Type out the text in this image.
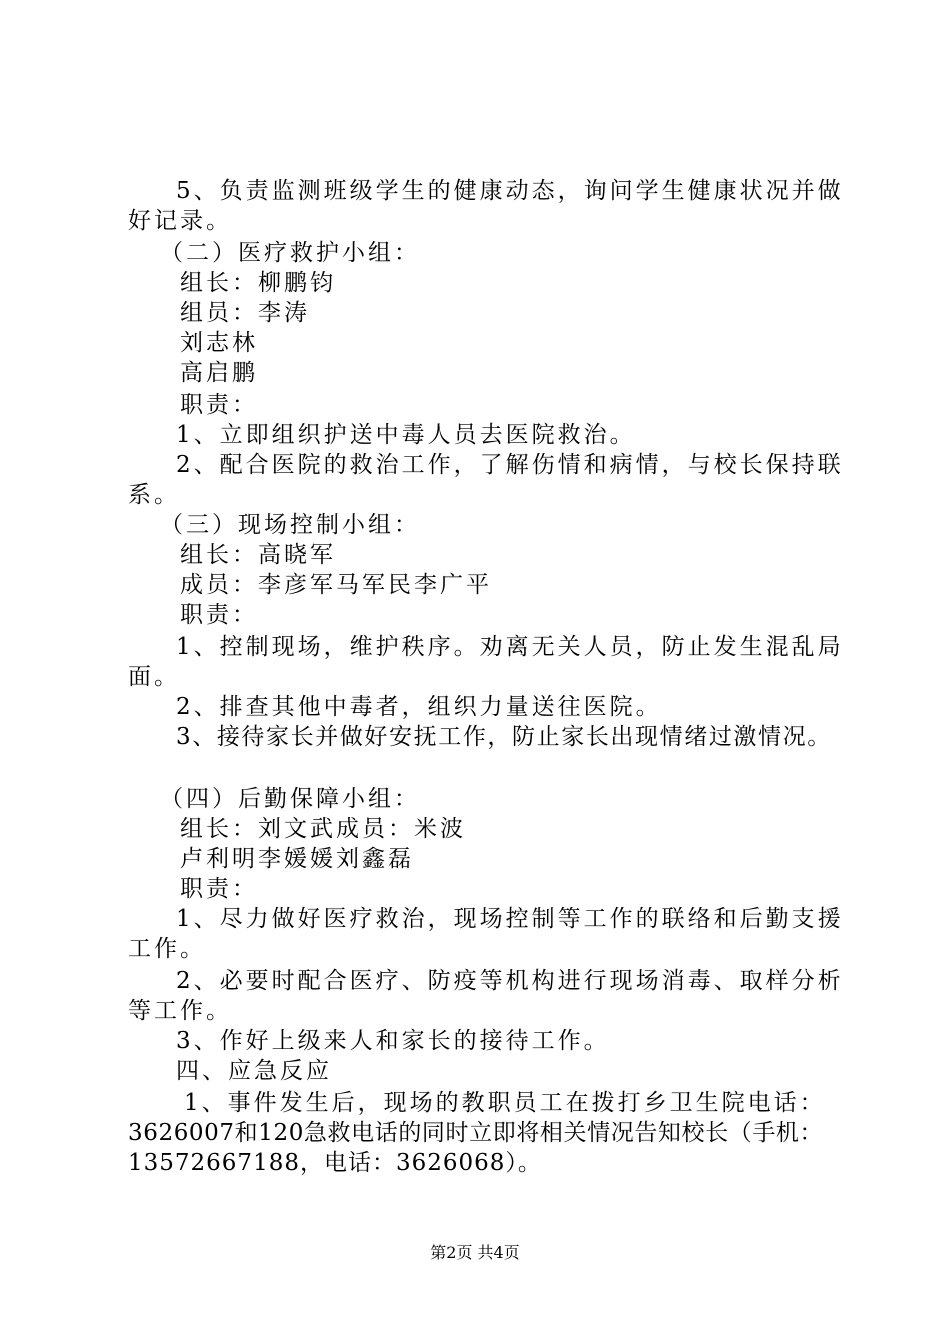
5、负责监测班级学生的健康动态，询问学生健康状况并做
好记录。
（二）医疗救护小组：
组长：柳鹏钧
组员：李涛
刘志林
高启鹏
职责：
1、立即组织护送中毒人员去医院救治。
2、配合医院的救治工作，了解伤情和病情，与校长保持联
系。
（三）现场控制小组：
组长：高晓军
成员：李彦军马军民李广平
职责：
1、控制现场，维护秩序。劝离无关人员，防止发生混乱局
面。
2、排查其他中毒者，组织力量送往医院。
3、接待家长并做好安抚工作，防止家长出现情绪过激情况。
（四）后勤保障小组：
组长：刘文武成员：米波
卢利明李媛媛刘鑫磊
职责：
1、尽力做好医疗救治，现场控制等工作的联络和后勤支援
工作。
2、必要时配合医疗、防疫等机构进行现场消毒、取样分析
等工作。
3、作好上级来人和家长的接待工作。
四、应急反应
1、事件发生后，现场的教职员工在拨打乡卫生院电话：
3626007和120急救电话的同时立即将相关情况告知校长（手机：
13572667188，电话：3626068）。
第2页 共4页
